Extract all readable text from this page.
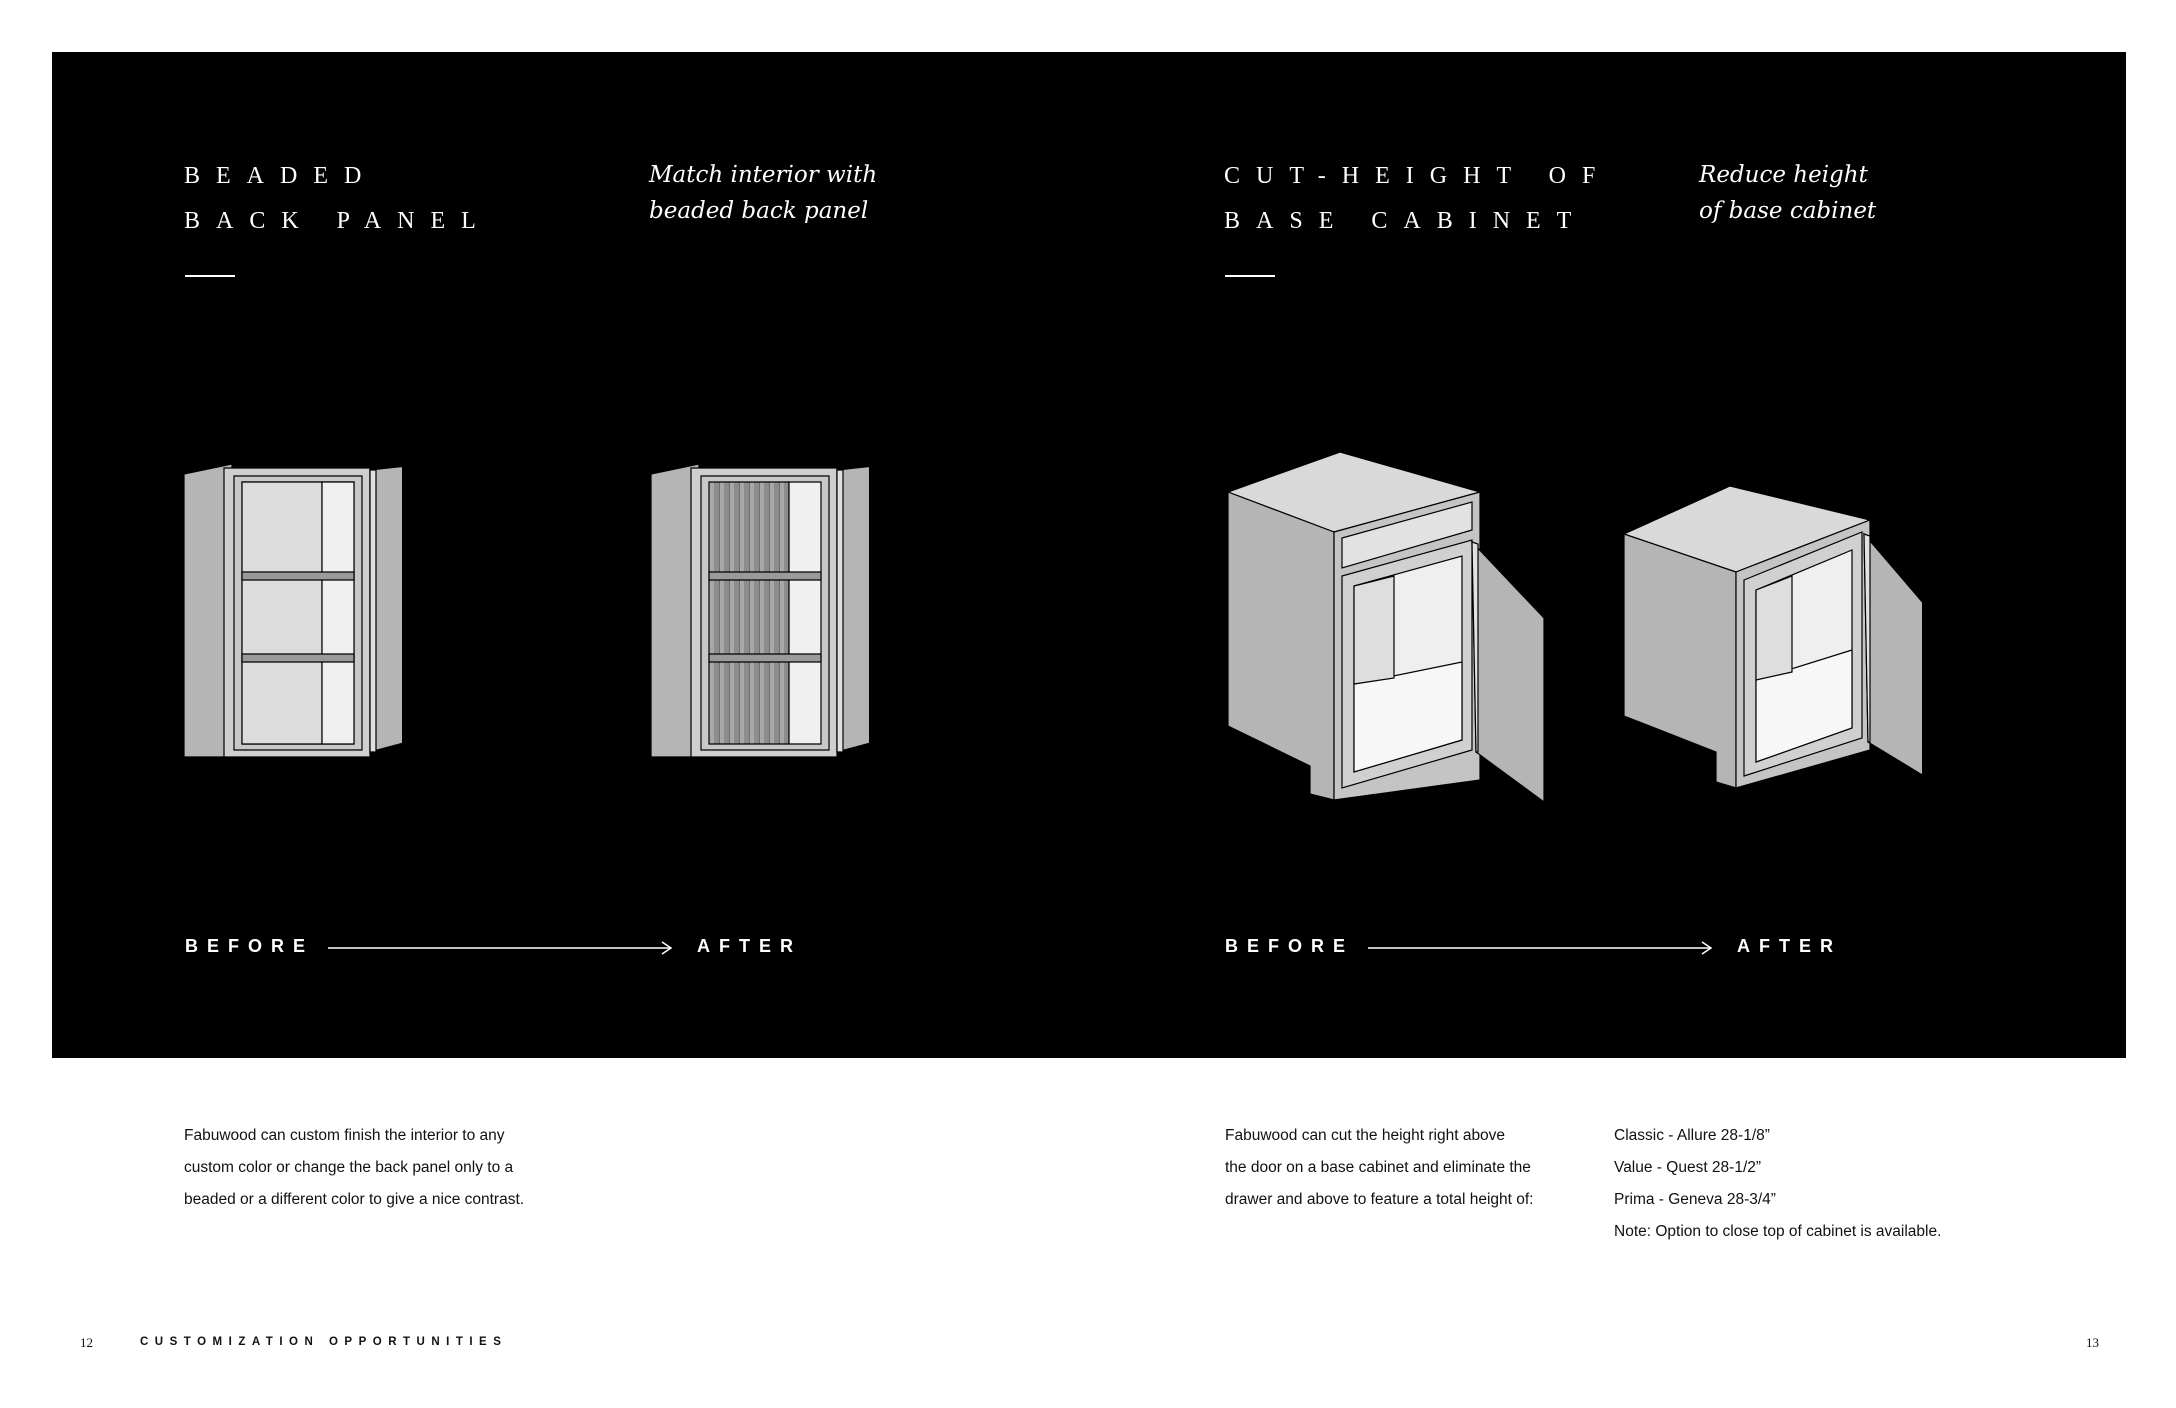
BEADED
BACK PANEL
Match interior with
beaded back panel
BEFORE	AFTER
CUT-HEIGHT OF
BASE CABINET
Reduce height
of base cabinet
BEFORE	AFTER
Fabuwood can custom finish the interior to any
custom color or change the back panel only to a
beaded or a different color to give a nice contrast.
Fabuwood can cut the height right above
the door on a base cabinet and eliminate the
drawer and above to feature a total height of:
Classic - Allure 28-1/8”
Value - Quest 28-1/2”
Prima - Geneva 28-3/4”
Note: Option to close top of cabinet is available.
12	CUSTOMIZATION OPPORTUNITIES	13
